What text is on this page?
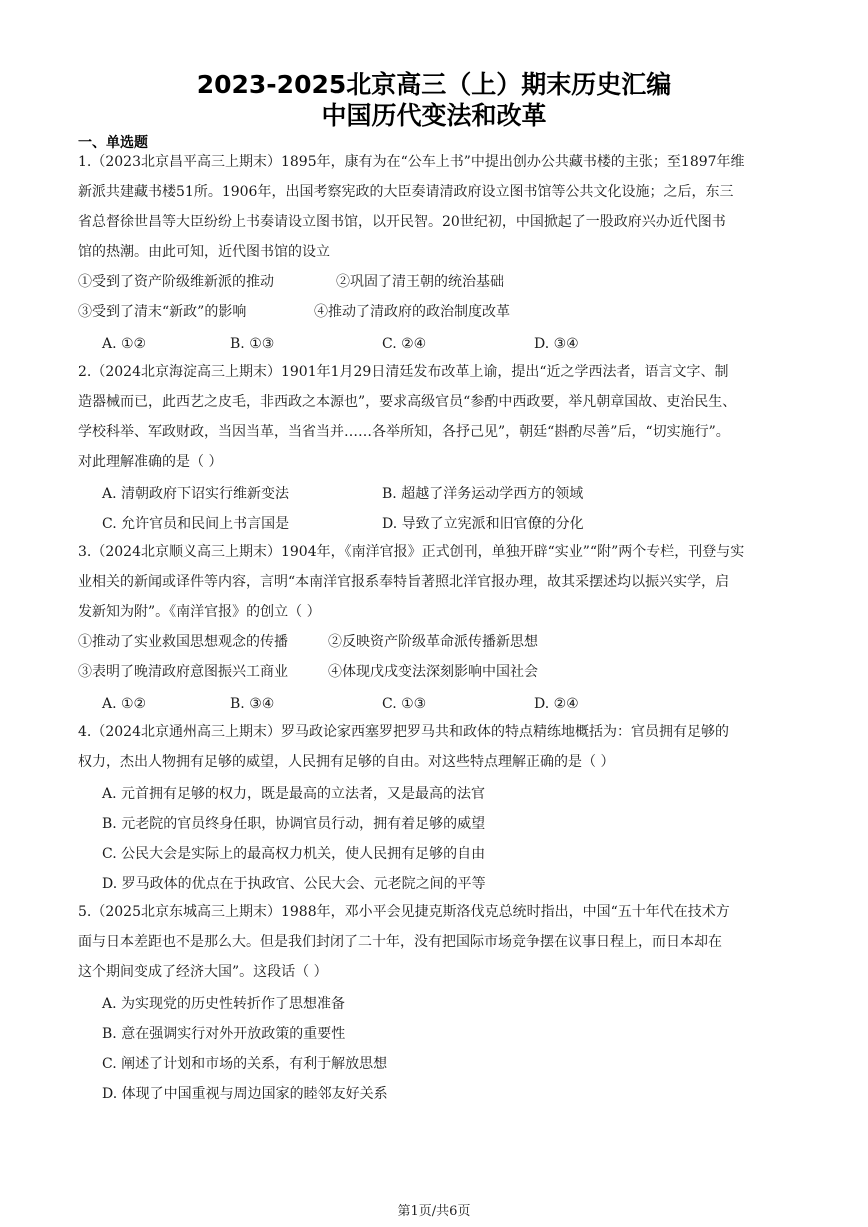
2023-2025北京高三（上）期末历史汇编
中国历代变法和改革
一、单选题
1.（2023北京昌平高三上期末）1895年，康有为在“公车上书”中提出创办公共藏书楼的主张；至1897年维
新派共建藏书楼51所。1906年，出国考察宪政的大臣奏请清政府设立图书馆等公共文化设施；之后，东三
省总督徐世昌等大臣纷纷上书奏请设立图书馆，以开民智。20世纪初，中国掀起了一股政府兴办近代图书
馆的热潮。由此可知，近代图书馆的设立
①受到了资产阶级维新派的推动	②巩固了清王朝的统治基础
③受到了清末“新政”的影响	④推动了清政府的政治制度改革
A. ①②	B. ①③	C. ②④	D. ③④
2.（2024北京海淀高三上期末）1901年1月29日清廷发布改革上谕，提出“近之学西法者，语言文字、制
造器械而已，此西艺之皮毛，非西政之本源也”，要求高级官员“参酌中西政要，举凡朝章国故、吏治民生、
学校科举、军政财政，当因当革，当省当并……各举所知，各抒己见”，朝廷“斟酌尽善”后，“切实施行”。
对此理解准确的是（ ）
A. 清朝政府下诏实行维新变法	B. 超越了洋务运动学西方的领域
C. 允许官员和民间上书言国是	D. 导致了立宪派和旧官僚的分化
3.（2024北京顺义高三上期末）1904年，《南洋官报》正式创刊，单独开辟“实业”“附”两个专栏，刊登与实
业相关的新闻或译件等内容，言明“本南洋官报系奉特旨著照北洋官报办理，故其采摆述均以振兴实学，启
发新知为附”。《南洋官报》的创立（ ）
①推动了实业救国思想观念的传播	②反映资产阶级革命派传播新思想
③表明了晚清政府意图振兴工商业	④体现戊戌变法深刻影响中国社会
A. ①②	B. ③④	C. ①③	D. ②④
4.（2024北京通州高三上期末）罗马政论家西塞罗把罗马共和政体的特点精练地概括为：官员拥有足够的
权力，杰出人物拥有足够的威望，人民拥有足够的自由。对这些特点理解正确的是（ ）
A. 元首拥有足够的权力，既是最高的立法者，又是最高的法官
B. 元老院的官员终身任职，协调官员行动，拥有着足够的威望
C. 公民大会是实际上的最高权力机关，使人民拥有足够的自由
D. 罗马政体的优点在于执政官、公民大会、元老院之间的平等
5.（2025北京东城高三上期末）1988年，邓小平会见捷克斯洛伐克总统时指出，中国“五十年代在技术方
面与日本差距也不是那么大。但是我们封闭了二十年，没有把国际市场竞争摆在议事日程上，而日本却在
这个期间变成了经济大国”。这段话（ ）
A. 为实现党的历史性转折作了思想准备
B. 意在强调实行对外开放政策的重要性
C. 阐述了计划和市场的关系，有利于解放思想
D. 体现了中国重视与周边国家的睦邻友好关系
第1页/共6页
